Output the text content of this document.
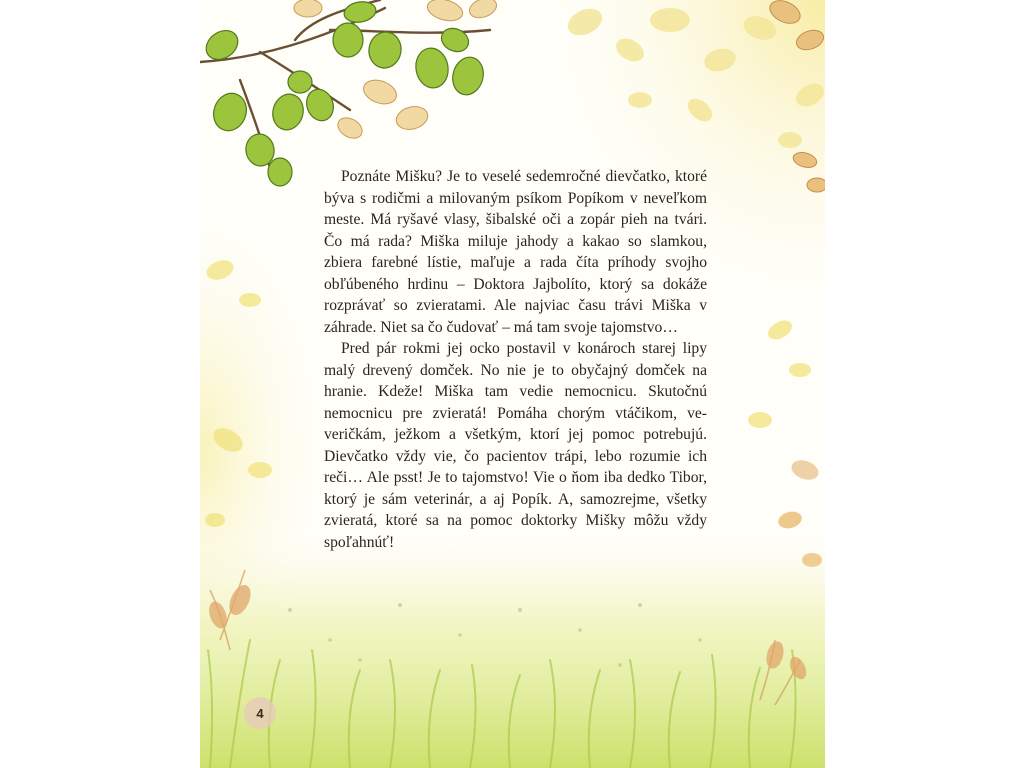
Poznáte Mišku? Je to veselé sedemročné dievčatko, ktoré býva s rodičmi a milovaným psíkom Popíkom v neveľkom meste. Má ryšavé vlasy, šibalské oči a zopár pieh na tvári. Čo má rada? Miška miluje jahody a kakao so slamkou, zbiera farebné lístie, maľuje a rada číta príhody svojho obľúbeného hrdinu – Doktora Jajbolíto, ktorý sa dokáže rozprávať so zvieratami. Ale najviac času trávi Miška v záhrade. Niet sa čo čudovať – má tam svoje tajomstvo…

Pred pár rokmi jej ocko postavil v konároch starej lipy malý drevený domček. No nie je to obyčajný domček na hranie. Kdeže! Miška tam vedie nemocnicu. Skutočnú nemocnicu pre zvieratá! Pomáha chorým vtáčikom, veveričkám, ježkom a všetkým, ktorí jej pomoc potrebujú. Dievčatko vždy vie, čo pacientov trápi, lebo rozumie ich reči… Ale psst! Je to tajomstvo! Vie o ňom iba dedko Tibor, ktorý je sám veterinár, a aj Popík. A, samozrejme, všetky zvieratá, ktoré sa na pomoc doktorky Mišky môžu vždy spoľahnúť!

4
